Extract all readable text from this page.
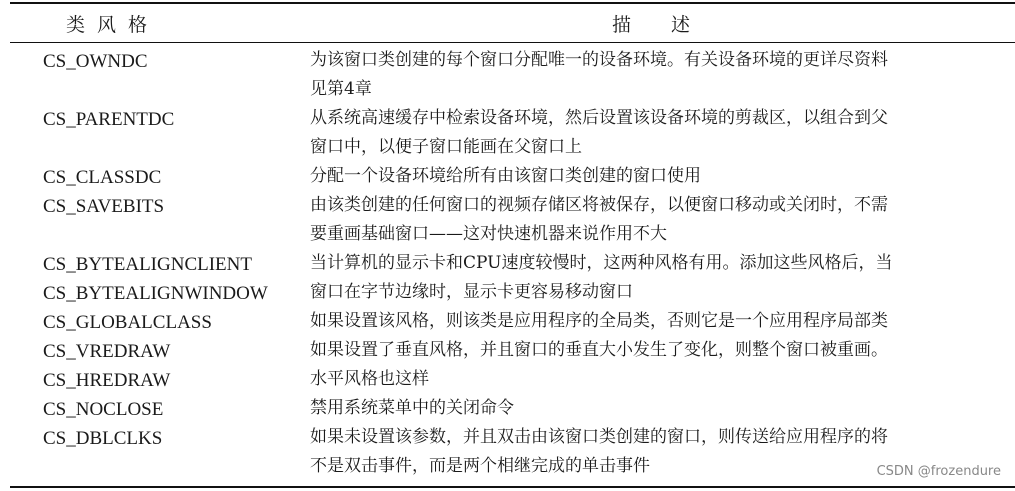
类风格	描述
CS_OWNDC
CS_PARENTDC
CS_CLASSDC
CS_SAVEBITS
CS_BYTEALIGNCLIENT
CS_BYTEALIGNWINDOW
CS_GLOBALCLASS
CS_VREDRAW
CS_HREDRAW
CS_NOCLOSE
CS_DBLCLKS
为该窗口类创建的每个窗口分配唯一的设备环境。有关设备环境的更详尽资料
见第4章
从系统高速缓存中检索设备环境，然后设置该设备环境的剪裁区，以组合到父
窗口中，以便子窗口能画在父窗口上
分配一个设备环境给所有由该窗口类创建的窗口使用
由该类创建的任何窗口的视频存储区将被保存，以便窗口移动或关闭时，不需
要重画基础窗口——这对快速机器来说作用不大
当计算机的显示卡和CPU速度较慢时，这两种风格有用。添加这些风格后，当
窗口在字节边缘时，显示卡更容易移动窗口
如果设置该风格，则该类是应用程序的全局类，否则它是一个应用程序局部类
如果设置了垂直风格，并且窗口的垂直大小发生了变化，则整个窗口被重画。
水平风格也这样
禁用系统菜单中的关闭命令
如果未设置该参数，并且双击由该窗口类创建的窗口，则传送给应用程序的将
不是双击事件，而是两个相继完成的单击事件	CSDN @frozendure
